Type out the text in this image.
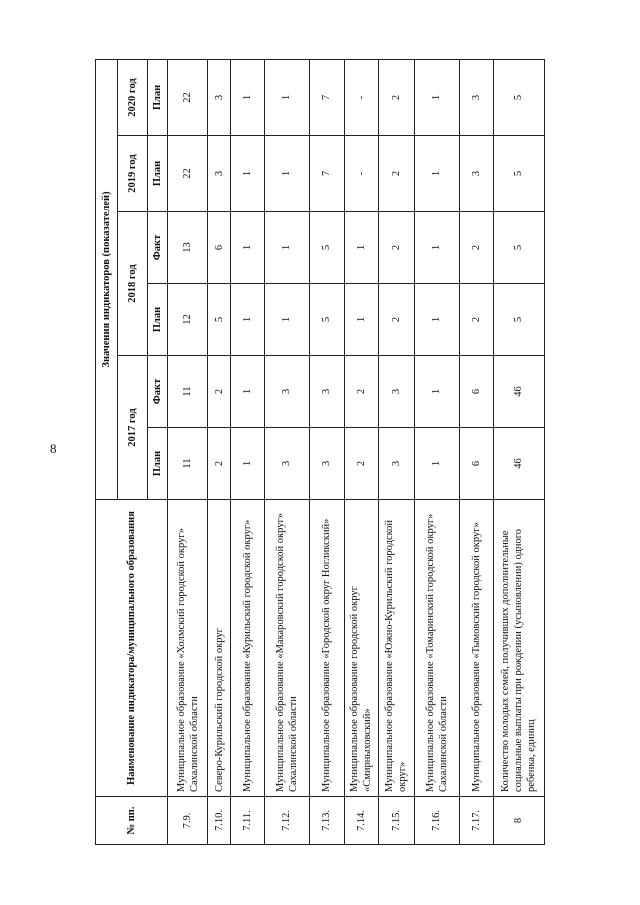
8
№ пп.	Наименование индикатора/муниципального образования	Значения индикаторов (показателей)					
		2017 год		2018 год		2019 год	2020 год
		План	Факт	План	Факт	План	План
7.9.	Муниципальное образование «Холмский городской округ» Сахалинской области	11	11	12	13	22	22
7.10.	Северо-Курильский городской округ	2	2	5	6	3	3
7.11.	Муниципальное образование «Курильский городской округ»	1	1	1	1	1	1
7.12.	Муниципальное образование «Макаровский городской округ» Сахалинской области	3	3	1	1	1	1
7.13.	Муниципальное образование «Городской округ Ногликский»	3	3	5	5	7	7
7.14.	Муниципальное образование городской округ «Смирныховский»	2	2	1	1	-	-
7.15.	Муниципальное образование «Южно-Курильский городской округ»	3	3	2	2	2	2
7.16.	Муниципальное образование «Томаринский городской округ» Сахалинской области	1	1	1	1	1	1
7.17.	Муниципальное образование «Тымовский городской округ»	6	6	2	2	3	3
8	Количество молодых семей, получивших дополнительные социальные выплаты при рождении (усыновлении) одного ребенка, единиц	46	46	5	5	5	5
